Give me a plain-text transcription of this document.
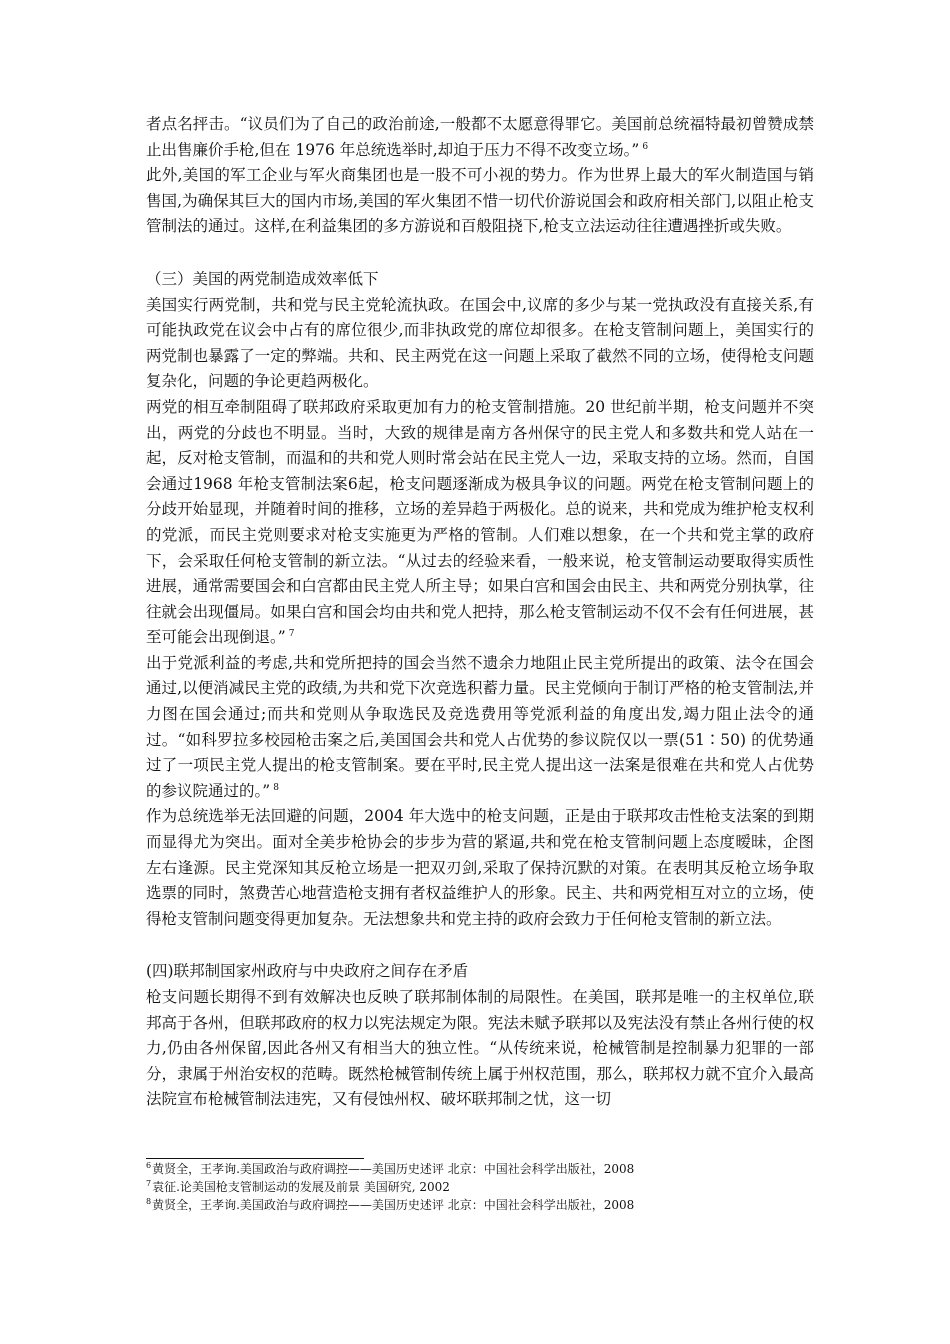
者点名抨击。“议员们为了自己的政治前途,一般都不太愿意得罪它。美国前总统福特最初曾赞成禁止出售廉价手枪,但在 1976 年总统选举时,却迫于压力不得不改变立场。” $^6$

此外,美国的军工企业与军火商集团也是一股不可小视的势力。作为世界上最大的军火制造国与销售国,为确保其巨大的国内市场,美国的军火集团不惜一切代价游说国会和政府相关部门,以阻止枪支管制法的通过。这样,在利益集团的多方游说和百般阻挠下,枪支立法运动往往遭遇挫折或失败。

（三）美国的两党制造成效率低下

美国实行两党制，共和党与民主党轮流执政。在国会中,议席的多少与某一党执政没有直接关系,有可能执政党在议会中占有的席位很少,而非执政党的席位却很多。在枪支管制问题上，美国实行的两党制也暴露了一定的弊端。共和、民主两党在这一问题上采取了截然不同的立场，使得枪支问题复杂化，问题的争论更趋两极化。

两党的相互牵制阻碍了联邦政府采取更加有力的枪支管制措施。20 世纪前半期，枪支问题并不突出，两党的分歧也不明显。当时，大致的规律是南方各州保守的民主党人和多数共和党人站在一起，反对枪支管制，而温和的共和党人则时常会站在民主党人一边，采取支持的立场。然而，自国会通过1968 年枪支管制法案6起，枪支问题逐渐成为极具争议的问题。两党在枪支管制问题上的分歧开始显现，并随着时间的推移，立场的差异趋于两极化。总的说来，共和党成为维护枪支权利的党派，而民主党则要求对枪支实施更为严格的管制。人们难以想象，在一个共和党主掌的政府下，会采取任何枪支管制的新立法。“从过去的经验来看，一般来说，枪支管制运动要取得实质性进展，通常需要国会和白宫都由民主党人所主导；如果白宫和国会由民主、共和两党分别执掌，往往就会出现僵局。如果白宫和国会均由共和党人把持，那么枪支管制运动不仅不会有任何进展，甚至可能会出现倒退。” $^7$

出于党派利益的考虑,共和党所把持的国会当然不遗余力地阻止民主党所提出的政策、法令在国会通过,以便消减民主党的政绩,为共和党下次竞选积蓄力量。民主党倾向于制订严格的枪支管制法,并力图在国会通过;而共和党则从争取选民及竞选费用等党派利益的角度出发,竭力阻止法令的通过。“如科罗拉多校园枪击案之后,美国国会共和党人占优势的参议院仅以一票(51∶50) 的优势通过了一项民主党人提出的枪支管制案。要在平时,民主党人提出这一法案是很难在共和党人占优势的参议院通过的。” $^8$

作为总统选举无法回避的问题，2004 年大选中的枪支问题，正是由于联邦攻击性枪支法案的到期而显得尤为突出。面对全美步枪协会的步步为营的紧逼,共和党在枪支管制问题上态度暧昧，企图左右逢源。民主党深知其反枪立场是一把双刃剑,采取了保持沉默的对策。在表明其反枪立场争取选票的同时，煞费苦心地营造枪支拥有者权益维护人的形象。民主、共和两党相互对立的立场，使得枪支管制问题变得更加复杂。无法想象共和党主持的政府会致力于任何枪支管制的新立法。

(四)联邦制国家州政府与中央政府之间存在矛盾

枪支问题长期得不到有效解决也反映了联邦制体制的局限性。在美国，联邦是唯一的主权单位,联邦高于各州，但联邦政府的权力以宪法规定为限。宪法未赋予联邦以及宪法没有禁止各州行使的权力,仍由各州保留,因此各州又有相当大的独立性。“从传统来说，枪械管制是控制暴力犯罪的一部分，隶属于州治安权的范畴。既然枪械管制传统上属于州权范围，那么，联邦权力就不宜介入最高法院宣布枪械管制法违宪，又有侵蚀州权、破坏联邦制之忧，这一切

$^6$黄贤全，王孝询.美国政治与政府调控——美国历史述评 北京：中国社会科学出版社，2008

$^7$袁征.论美国枪支管制运动的发展及前景 美国研究, 2002

$^8$黄贤全，王孝询.美国政治与政府调控——美国历史述评 北京：中国社会科学出版社，2008
